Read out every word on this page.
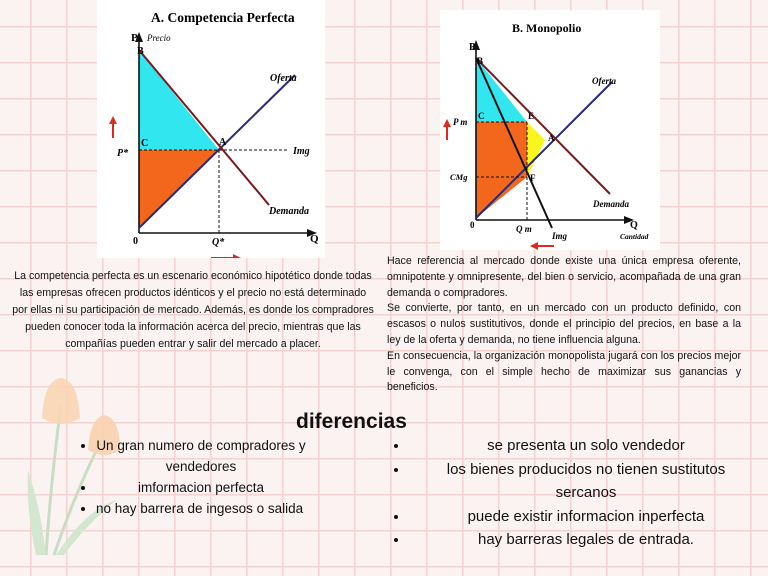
A. Competencia Perfecta
P Precio
B
C	A
P*
Q*
0	Q
Oferta
Img
Demanda
B. Monopolio
P
B
C	E
A
F
P m
CMg
0	Q m
Img
Oferta
Demanda
Q
Cantidad
La competencia perfecta es un escenario económico hipotético donde todas las empresas ofrecen productos idénticos y el precio no está determinado por ellas ni su participación de mercado. Además, es donde los compradores pueden conocer toda la información acerca del precio, mientras que las compañías pueden entrar y salir del mercado a placer.

Hace referencia al mercado donde existe una única empresa oferente, omnipotente y omnipresente, del bien o servicio, acompañada de una gran demanda o compradores.

Se convierte, por tanto, en un mercado con un producto definido, con escasos o nulos sustitutivos, donde el principio del precios, en base a la ley de la oferta y demanda, no tiene influencia alguna.

En consecuencia, la organización monopolista jugará con los precios mejor le convenga, con el simple hecho de maximizar sus ganancias y beneficios.

diferencias
• Un gran numero de compradores y vendedores
• imformacion perfecta
• no hay barrera de ingesos o salida
• se presenta un solo vendedor
• los bienes producidos no tienen sustitutos sercanos
• puede existir informacion inperfecta
• hay barreras legales de entrada.
